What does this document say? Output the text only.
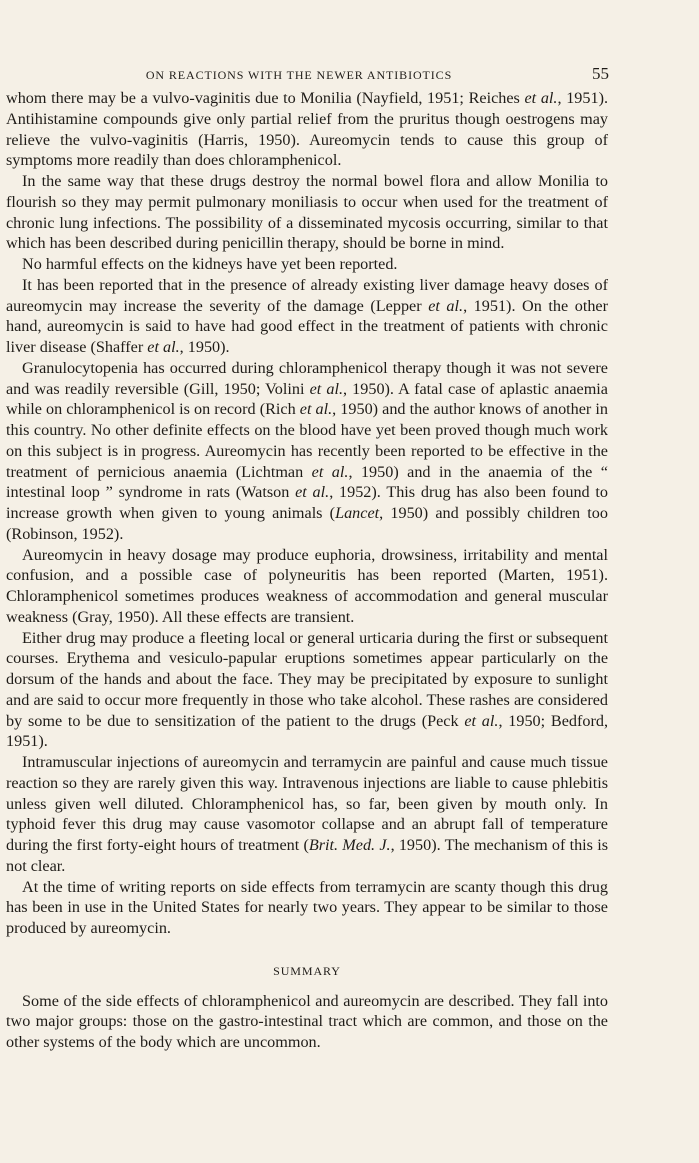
ON REACTIONS WITH THE NEWER ANTIBIOTICS	55

whom there may be a vulvo-vaginitis due to Monilia (Nayfield, 1951; Reiches et al., 1951). Antihistamine compounds give only partial relief from the pruritus though oestrogens may relieve the vulvo-vaginitis (Harris, 1950). Aureomycin tends to cause this group of symptoms more readily than does chloramphenicol.

In the same way that these drugs destroy the normal bowel flora and allow Monilia to flourish so they may permit pulmonary moniliasis to occur when used for the treatment of chronic lung infections. The possibility of a disseminated mycosis occurring, similar to that which has been described during penicillin therapy, should be borne in mind.

No harmful effects on the kidneys have yet been reported.

It has been reported that in the presence of already existing liver damage heavy doses of aureomycin may increase the severity of the damage (Lepper et al., 1951). On the other hand, aureomycin is said to have had good effect in the treatment of patients with chronic liver disease (Shaffer et al., 1950).

Granulocytopenia has occurred during chloramphenicol therapy though it was not severe and was readily reversible (Gill, 1950; Volini et al., 1950). A fatal case of aplastic anaemia while on chloramphenicol is on record (Rich et al., 1950) and the author knows of another in this country. No other definite effects on the blood have yet been proved though much work on this subject is in progress. Aureomycin has recently been reported to be effective in the treatment of pernicious anaemia (Lichtman et al., 1950) and in the anaemia of the “ intestinal loop ” syndrome in rats (Watson et al., 1952). This drug has also been found to increase growth when given to young animals (Lancet, 1950) and possibly children too (Robinson, 1952).

Aureomycin in heavy dosage may produce euphoria, drowsiness, irritability and mental confusion, and a possible case of polyneuritis has been reported (Marten, 1951). Chloramphenicol sometimes produces weakness of accommodation and general muscular weakness (Gray, 1950). All these effects are transient.

Either drug may produce a fleeting local or general urticaria during the first or subsequent courses. Erythema and vesiculo-papular eruptions sometimes appear particularly on the dorsum of the hands and about the face. They may be precipitated by exposure to sunlight and are said to occur more frequently in those who take alcohol. These rashes are considered by some to be due to sensitization of the patient to the drugs (Peck et al., 1950; Bedford, 1951).

Intramuscular injections of aureomycin and terramycin are painful and cause much tissue reaction so they are rarely given this way. Intravenous injections are liable to cause phlebitis unless given well diluted. Chloramphenicol has, so far, been given by mouth only. In typhoid fever this drug may cause vasomotor collapse and an abrupt fall of temperature during the first forty-eight hours of treatment (Brit. Med. J., 1950). The mechanism of this is not clear.

At the time of writing reports on side effects from terramycin are scanty though this drug has been in use in the United States for nearly two years. They appear to be similar to those produced by aureomycin.

SUMMARY

Some of the side effects of chloramphenicol and aureomycin are described. They fall into two major groups: those on the gastro-intestinal tract which are common, and those on the other systems of the body which are uncommon.
